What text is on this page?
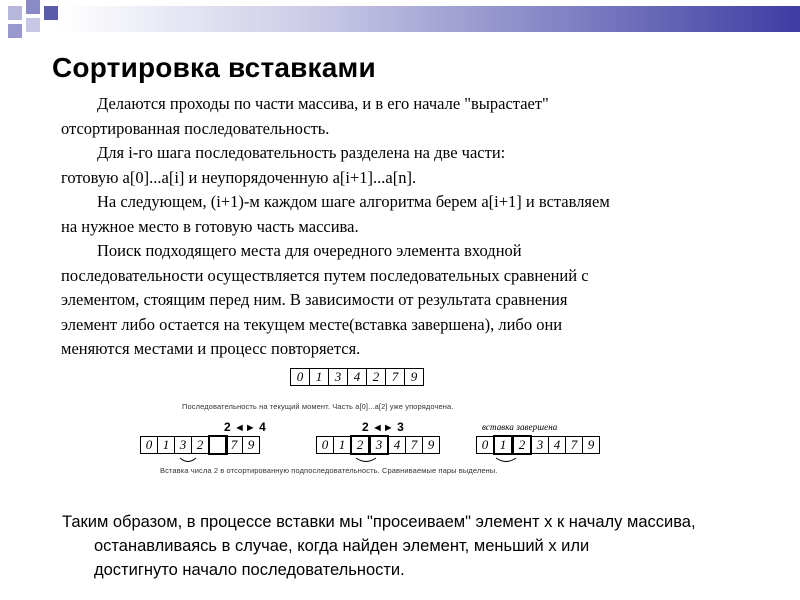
Сортировка вставками
Делаются проходы по части массива, и в его начале "вырастает"
отсортированная последовательность.
Для i-го шага последовательность разделена на две части:
готовую a[0]...a[i] и неупорядоченную a[i+1]...a[n].
На следующем, (i+1)-м каждом шаге алгоритма берем a[i+1] и вставляем
на нужное место в готовую часть массива.
Поиск подходящего места для очередного элемента входной
последовательности осуществляется путем последовательных сравнений с
элементом, стоящим перед ним. В зависимости от результата сравнения
элемент либо остается на текущем месте(вставка завершена), либо они
меняются местами и процесс повторяется.
0 1 3 4 2 7 9
Последовательность на текущий момент. Часть a[0]...a[2] уже упорядочена.
2 ◄► 4
0 1 3 2	7 9
2 ◄► 3
0 1 2 3 4 7 9
вставка завершена
0 1 2 3 4 7 9
Вставка числа 2 в отсортированную подпоследовательность. Сравниваемые пары выделены.
Таким образом, в процессе вставки мы "просеиваем" элемент x к началу массива,
останавливаясь в случае, когда найден элемент, меньший x или
достигнуто начало последовательности.
